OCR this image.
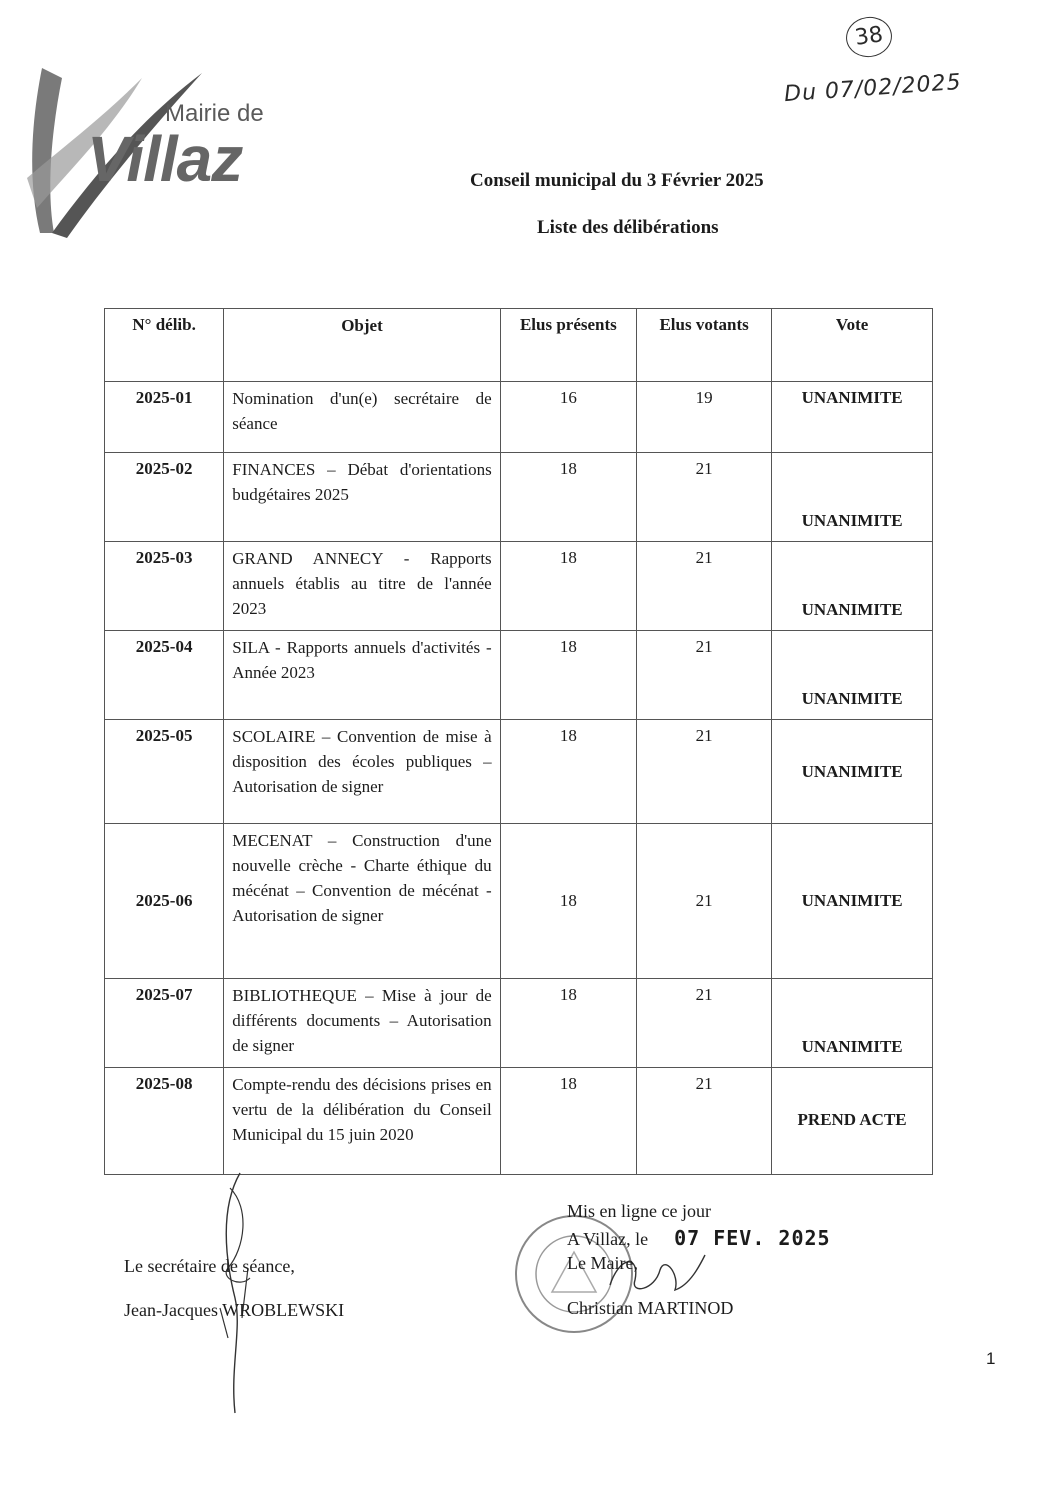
Mairie de
Villaz
38
Du 07/02/2025
Conseil municipal du 3 Février 2025
Liste des délibérations
N° délib.	Objet	Elus présents	Elus votants	Vote
2025-01	Nomination d'un(e) secrétaire de séance	16	19	UNANIMITE

2025-02	FINANCES – Débat d'orientations budgétaires 2025	18	21	UNANIMITE

2025-03	GRAND ANNECY - Rapports annuels établis au titre de l'année 2023	18	21	UNANIMITE

2025-04	SILA - Rapports annuels d'activités - Année 2023	18	21	UNANIMITE

2025-05	SCOLAIRE – Convention de mise à disposition des écoles publiques – Autorisation de signer	18	21	UNANIMITE

2025-06	MECENAT – Construction d'une nouvelle crèche - Charte éthique du mécénat – Convention de mécénat - Autorisation de signer	18	21	UNANIMITE
2025-07	BIBLIOTHEQUE – Mise à jour de différents documents – Autorisation de signer	18	21	UNANIMITE

2025-08	Compte-rendu des décisions prises en vertu de la délibération du Conseil Municipal du 15 juin 2020	18	21	PREND ACTE
Le secrétaire de séance,
Jean-Jacques WROBLEWSKI
Mis en ligne ce jour
A Villaz, le 07 FEV. 2025
Le Maire,
Christian MARTINOD
1
